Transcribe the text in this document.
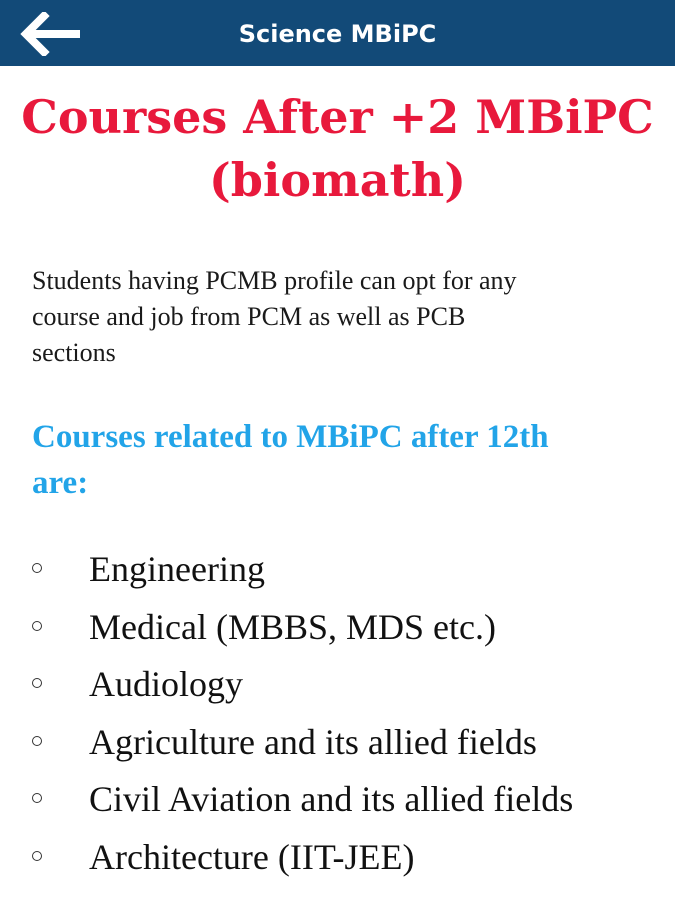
Science MBiPC
Courses After +2 MBiPC
(biomath)
Students having PCMB profile can opt for any
course and job from PCM as well as PCB
sections
Courses related to MBiPC after 12th
are:
Engineering
Medical (MBBS, MDS etc.)
Audiology
Agriculture and its allied fields
Civil Aviation and its allied fields
Architecture (IIT-JEE)
